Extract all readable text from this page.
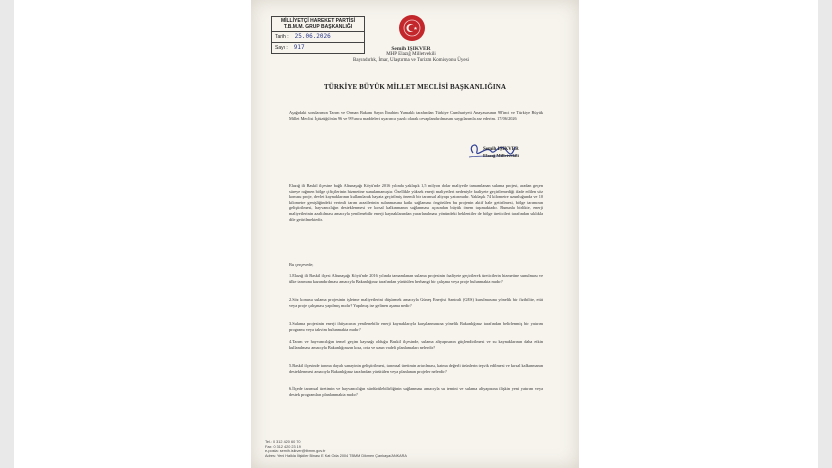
MİLLİYETÇİ HAREKET PARTİSİ
T.B.M.M. GRUP BAŞKANLIĞI
Tarih : 25.06.2026
Sayı : 917	Semih IŞIKVER
MHP Elazığ Milletvekili
Bayındırlık, İmar, Ulaştırma ve Turizm Komisyonu Üyesi
TÜRKİYE BÜYÜK MİLLET MECLİSİ BAŞKANLIĞINA
Aşağıdaki sorularımın Tarım ve Orman Bakanı Sayın İbrahim Yumaklı tarafından Türkiye Cumhuriyeti Anayasasının 98'inci ve Türkiye Büyük Millet Meclisi İçtüzüğü'nün 96 ve 99'uncu maddeleri uyarınca yazılı olarak cevaplandırılmasını saygılarımla arz ederim. 17/06/2026
Semih IŞIKVER
Elazığ Milletvekili
Elazığ ili Baskil ilçesine bağlı Altunaşağı Köyü'nde 2016 yılında yaklaşık 1,5 milyon dolar maliyetle tamamlanan sulama projesi, aradan geçen süreye rağmen bölge çiftçilerinin hizmetine sunulamamıştır. Özellikle yüksek enerji maliyetleri nedeniyle faaliyete geçirilemediği ifade edilen söz konusu proje, devlet kaynaklarının kullanılarak hayata geçirilmiş önemli bir tarımsal altyapı yatırımıdır. Yaklaşık 74 kilometre uzunluğunda ve 10 kilometre genişliğindeki verimli tarım arazilerinin sulanmasına katkı sağlaması öngörülen bu projenin aktif hale getirilmesi, bölge tarımının geliştirilmesi, hayvancılığın desteklenmesi ve kırsal kalkınmanın sağlanması açısından büyük önem taşımaktadır. Bununla birlikte, enerji maliyetlerinin azaltılması amacıyla yenilenebilir enerji kaynaklarından yararlanılması yönündeki beklentiler de bölge üreticileri tarafından sıklıkla dile getirilmektedir.
Bu çerçevede;
1.Elazığ ili Baskil ilçesi Altunaşağı Köyü'nde 2016 yılında tamamlanan sulama projesinin faaliyete geçirilerek üreticilerin hizmetine sunulması ve ülke tarımına kazandırılması amacıyla Bakanlığınız tarafından yürütülen herhangi bir çalışma veya proje bulunmakta mıdır?
2.Söz konusu sulama projesinin işletme maliyetlerini düşürmek amacıyla Güneş Enerjisi Santrali (GES) kurulmasına yönelik bir fizibilite, etüt veya proje çalışması yapılmış mıdır? Yapılmış ise gelinen aşama nedir?
3.Sulama projesinin enerji ihtiyacının yenilenebilir enerji kaynaklarıyla karşılanmasına yönelik Bakanlığınız tarafından belirlenmiş bir yatırım programı veya takvim bulunmakta mıdır?
4.Tarım ve hayvancılığın temel geçim kaynağı olduğu Baskil ilçesinde, sulama altyapısının güçlendirilmesi ve su kaynaklarının daha etkin kullanılması amacıyla Bakanlığınızın kısa, orta ve uzun vadeli planlamaları nelerdir?
5.Baskil ilçesinde tarıma dayalı sanayinin geliştirilmesi, tarımsal üretimin artırılması, katma değerli ürünlerin teşvik edilmesi ve kırsal kalkınmanın desteklenmesi amacıyla Bakanlığınız tarafından yürütülen veya planlanan projeler nelerdir?
6.İlçede tarımsal üretimin ve hayvancılığın sürdürülebilirliğinin sağlanması amacıyla su temini ve sulama altyapısına ilişkin yeni yatırım veya destek programları planlanmakta mıdır?
Tel.: 0 312 420 60 70
Fax: 0 312 420 23 19
e-posta: semih.isikver@tbmm.gov.tr
Adres: Yeni Halkla İlişkiler Binası E Kat Oda 2004 TBMM Dikmen Çankaya/ANKARA
